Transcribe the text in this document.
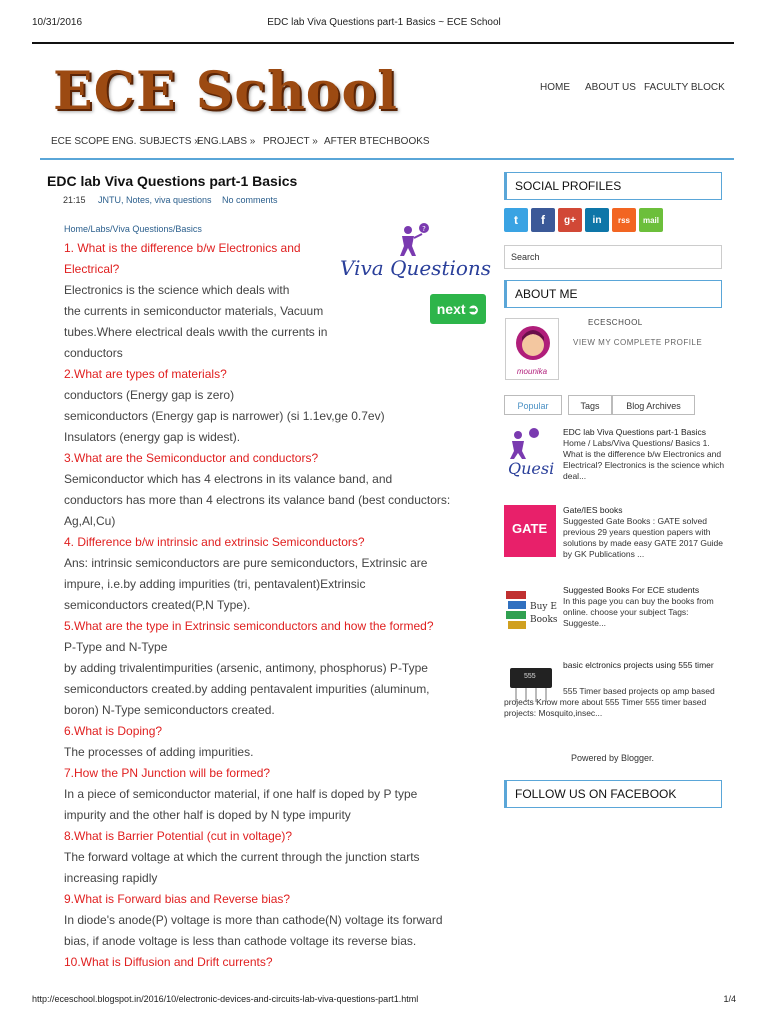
10/31/2016	EDC lab Viva Questions part-1 Basics ~ ECE School
ECE School	HOME ABOUT US FACULTY BLOCK
ECE SCOPE ENG. SUBJECTS »
ENG.LABS » PROJECT » AFTER BTECH BOOKS
EDC lab Viva Questions part-1 Basics
21:15 JNTU, Notes, viva questions No comments
Home/Labs/Viva Questions/Basics	?
Viva Questions
next ➲
1. What is the difference b/w Electronics and
Electrical?
Electronics is the science which deals with
the currents in semiconductor materials, Vacuum
tubes.Where electrical deals wwith the currents in
conductors
2.What are types of materials?
conductors (Energy gap is zero)
semiconductors (Energy gap is narrower) (si 1.1ev,ge 0.7ev)
Insulators (energy gap is widest).
3.What are the Semiconductor and conductors?
Semiconductor which has 4 electrons in its valance band, and
conductors has more than 4 electrons its valance band (best conductors:
Ag,Al,Cu)
4. Difference b/w intrinsic and extrinsic Semiconductors?
Ans: intrinsic semiconductors are pure semiconductors, Extrinsic are
impure, i.e.by adding impurities (tri, pentavalent)Extrinsic
semiconductors created(P,N Type).
5.What are the type in Extrinsic semiconductors and how the formed?
P-Type and N-Type
by adding trivalentimpurities (arsenic, antimony, phosphorus) P-Type
semiconductors created.by adding pentavalent impurities (aluminum,
boron) N-Type semiconductors created.
6.What is Doping?
The processes of adding impurities.
7.How the PN Junction will be formed?
In a piece of semiconductor material, if one half is doped by P type
impurity and the other half is doped by N type impurity
8.What is Barrier Potential (cut in voltage)?
The forward voltage at which the current through the junction starts
increasing rapidly
9.What is Forward bias and Reverse bias?
In diode's anode(P) voltage is more than cathode(N) voltage its forward
bias, if anode voltage is less than cathode voltage its reverse bias.
10.What is Diffusion and Drift currents?
SOCIAL PROFILES
t	f	g+	in	rss	mail
Search
ABOUT ME
mounika
ECESCHOOL
VIEW MY COMPLETE PROFILE
Popular	Tags	Blog Archives
Quesi
EDC lab Viva Questions part-1 Basics
Home / Labs/Viva Questions/ Basics 1. What is the difference b/w Electronics and Electrical? Electronics is the science which deal...
GATE
Gate/IES books
Suggested Gate Books : GATE solved previous 29 years question papers with solutions by made easy GATE 2017 Guide by GK Publications ...
Buy E Books
Suggested Books For ECE students
In this page you can buy the books from online. choose your subject Tags: Suggeste...
555
basic elctronics projects using 555 timer
555 Timer based projects op amp based projects Know more about 555 Timer 555 timer based projects: Mosquito,insec...
Powered by Blogger.
FOLLOW US ON FACEBOOK
http://eceschool.blogspot.in/2016/10/electronic-devices-and-circuits-lab-viva-questions-part1.html	1/4
